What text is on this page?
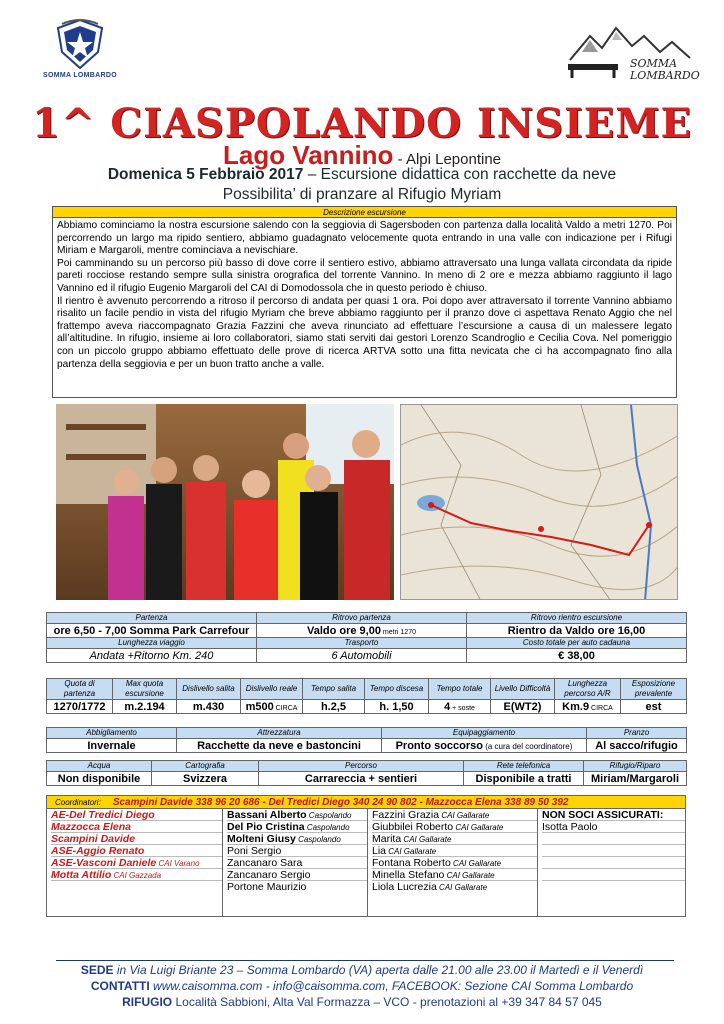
SOMMA LOMBARDO
SOMMA LOMBARDO
1^ CIASPOLANDO INSIEME
Lago Vannino - Alpi Lepontine
Domenica 5 Febbraio 2017 – Escursione didattica con racchette da neve
Possibilita’ di pranzare al Rifugio Myriam
Descrizione escursione

Abbiamo cominciamo la nostra escursione salendo con la seggiovia di Sagersboden con partenza dalla località Valdo a metri 1270. Poi percorrendo un largo ma ripido sentiero, abbiamo guadagnato velocemente quota entrando in una valle con indicazione per i Rifugi Miriam e Margaroli, mentre cominciava a nevischiare.

Poi camminando su un percorso più basso di dove corre il sentiero estivo, abbiamo attraversato una lunga vallata circondata da ripide pareti rocciose restando sempre sulla sinistra orografica del torrente Vannino. In meno di 2 ore e mezza abbiamo raggiunto il lago Vannino ed il rifugio Eugenio Margaroli del CAI di Domodossola che in questo periodo è chiuso.

Il rientro è avvenuto percorrendo a ritroso il percorso di andata per quasi 1 ora. Poi dopo aver attraversato il torrente Vannino abbiamo risalito un facile pendio in vista del rifugio Myriam che breve abbiamo raggiunto per il pranzo dove ci aspettava Renato Aggio che nel frattempo aveva riaccompagnato Grazia Fazzini che aveva rinunciato ad effettuare l’escursione a causa di un malessere legato all’altitudine. In rifugio, insieme ai loro collaboratori, siamo stati serviti dai gestori Lorenzo Scandroglio e Cecilia Cova. Nel pomeriggio con un piccolo gruppo abbiamo effettuato delle prove di ricerca ARTVA sotto una fitta nevicata che ci ha accompagnato fino alla partenza della seggiovia e per un buon tratto anche a valle.

Partenza	Ritrovo partenza	Ritrovo rientro escursione
ore 6,50 - 7,00 Somma Park Carrefour	Valdo ore 9,00 metri 1270	Rientro da Valdo ore 16,00
Lunghezza viaggio	Trasporto	Costo totale per auto cadauna
Andata +Ritorno Km. 240	6 Automobili	€ 38,00
Quota di partenza	Max quota escursione	Dislivello salita	Dislivello reale	Tempo salita	Tempo discesa	Tempo totale	Livello Difficoltà	Lunghezza percorso A/R	Esposizione prevalente
1270/1772	m.2.194	m.430	m500 CIRCA	h.2,5	h. 1,50	4 + soste	E(WT2)	Km.9 CIRCA	est
Abbigliamento	Attrezzatura	Equipaggiamento	Pranzo
Invernale	Racchette da neve e bastoncini	Pronto soccorso (a cura del coordinatore)	Al sacco/rifugio
Acqua	Cartografia	Percorso	Rete telefonica	Rifugio/Riparo
Non disponibile	Svizzera	Carrareccia + sentieri	Disponibile a tratti	Miriam/Margaroli
Coordinatori: Scampini Davide 338 96 20 686 - Del Tredici Diego 340 24 90 802 - Mazzocca Elena 338 89 50 392
AE-Del Tredici Diego
Mazzocca Elena
Scampini Davide
ASE-Aggio Renato
ASE-Vasconi Daniele CAI Varano
Motta Attilio CAI Gazzada
Bassani Alberto Caspolando
Del Pio Cristina Caspolando
Molteni Giusy Caspolando
Poni Sergio
Zancanaro Sara
Zancanaro Sergio
Portone Maurizio
Fazzini Grazia CAI Gallarate
Giubbilei Roberto CAI Gallarate
Marita CAI Gallarate
Lia CAI Gallarate
Fontana Roberto CAI Gallarate
Minella Stefano CAI Gallarate
Liola Lucrezia CAI Gallarate
NON SOCI ASSICURATI:
Isotta Paolo
SEDE in Via Luigi Briante 23 – Somma Lombardo (VA) aperta dalle 21.00 alle 23.00 il Martedì e il Venerdì
CONTATTI www.caisomma.com - info@caisomma.com, FACEBOOK: Sezione CAI Somma Lombardo
RIFUGIO Località Sabbioni, Alta Val Formazza – VCO - prenotazioni al +39 347 84 57 045
